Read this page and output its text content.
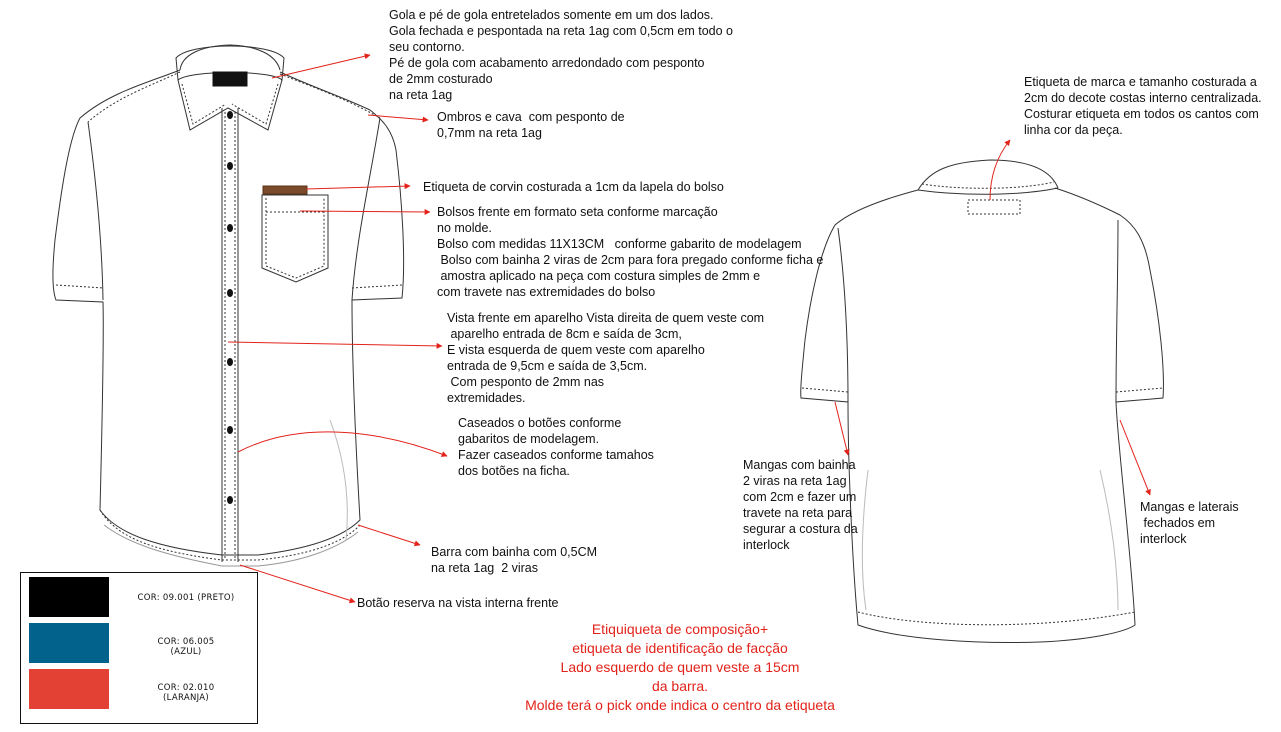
Gola e pé de gola entretelados somente em um dos lados.
Gola fechada e pespontada na reta 1ag com 0,5cm em todo o
seu contorno.
Pé de gola com acabamento arredondado com pesponto
de 2mm costurado
na reta 1ag
Ombros e cava  com pesponto de
0,7mm na reta 1ag
Etiqueta de corvin costurada a 1cm da lapela do bolso
Bolsos frente em formato seta conforme marcação
no molde.
Bolso com medidas 11X13CM   conforme gabarito de modelagem
Bolso com bainha 2 viras de 2cm para fora pregado conforme ficha e
amostra aplicado na peça com costura simples de 2mm e
com travete nas extremidades do bolso
Vista frente em aparelho Vista direita de quem veste com
aparelho entrada de 8cm e saída de 3cm,
E vista esquerda de quem veste com aparelho
entrada de 9,5cm e saída de 3,5cm.
Com pesponto de 2mm nas
extremidades.
Caseados o botões conforme
gabaritos de modelagem.
Fazer caseados conforme tamahos
dos botões na ficha.
Barra com bainha com 0,5CM
na reta 1ag  2 viras
Botão reserva na vista interna frente
Etiqueta de marca e tamanho costurada a
2cm do decote costas interno centralizada.
Costurar etiqueta em todos os cantos com
linha cor da peça.
Mangas com bainha
2 viras na reta 1ag
com 2cm e fazer um
travete na reta para
segurar a costura da
interlock
Mangas e laterais
fechados em
interlock
Etiquiqueta de composição+
etiqueta de identificação de facção
Lado esquerdo de quem veste a 15cm
da barra.
Molde terá o pick onde indica o centro da etiqueta
COR: 09.001 (PRETO)
COR: 06.005
(AZUL)
COR: 02.010
(LARANJA)
